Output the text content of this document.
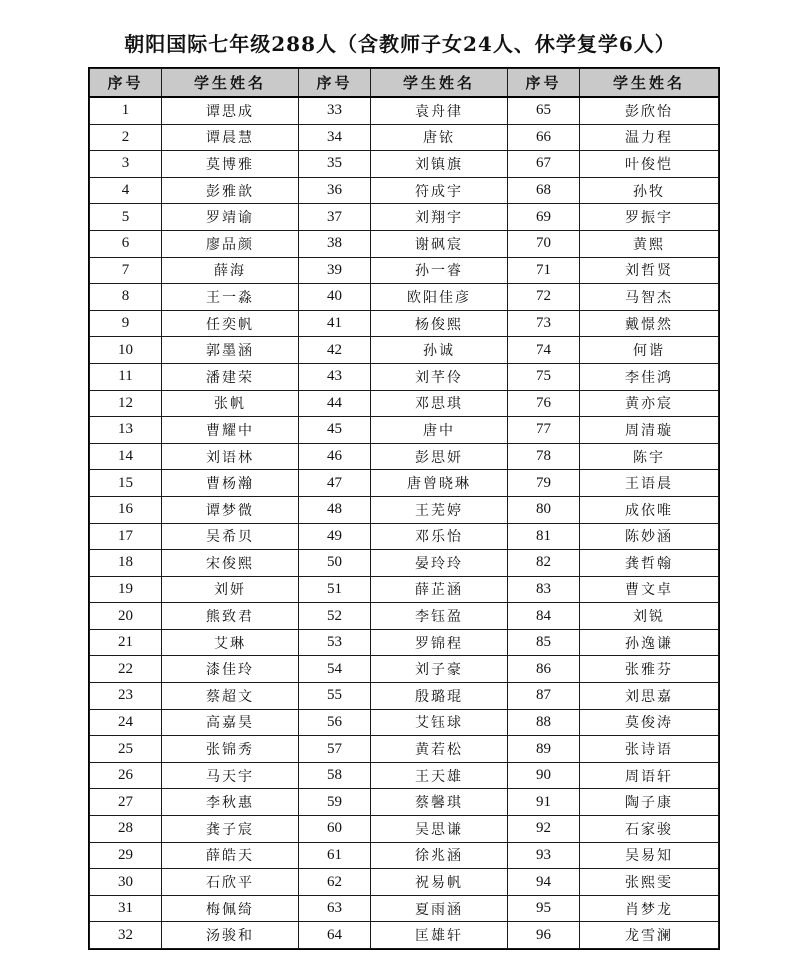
朝阳国际七年级288人（含教师子女24人、休学复学6人）
序号	学生姓名	序号	学生姓名	序号	学生姓名
1	谭思成	33	袁舟律	65	彭欣怡
2	谭晨慧	34	唐铱	66	温力程
3	莫博雅	35	刘镇旗	67	叶俊恺
4	彭雅歆	36	符成宇	68	孙牧
5	罗靖谕	37	刘翔宇	69	罗振宇
6	廖品颜	38	谢砜宸	70	黄熙
7	薛海	39	孙一睿	71	刘哲贤
8	王一淼	40	欧阳佳彦	72	马智杰
9	任奕帆	41	杨俊熙	73	戴憬然
10	郭墨涵	42	孙诚	74	何谐
11	潘建荣	43	刘芊伶	75	李佳鸿
12	张帆	44	邓思琪	76	黄亦宸
13	曹耀中	45	唐中	77	周清璇
14	刘语林	46	彭思妍	78	陈宇
15	曹杨瀚	47	唐曾晓琳	79	王语晨
16	谭梦微	48	王芜婷	80	成依唯
17	吴希贝	49	邓乐怡	81	陈妙涵
18	宋俊熙	50	晏玲玲	82	龚哲翰
19	刘妍	51	薛芷涵	83	曹文卓
20	熊致君	52	李钰盈	84	刘锐
21	艾琳	53	罗锦程	85	孙逸谦
22	漆佳玲	54	刘子豪	86	张雅芬
23	蔡超文	55	殷璐琨	87	刘思嘉
24	高嘉昊	56	艾钰球	88	莫俊涛
25	张锦秀	57	黄若松	89	张诗语
26	马天宇	58	王天雄	90	周语轩
27	李秋惠	59	蔡馨琪	91	陶子康
28	龚子宸	60	吴思谦	92	石家骏
29	薛皓天	61	徐兆涵	93	吴易知
30	石欣平	62	祝易帆	94	张熙雯
31	梅佩绮	63	夏雨涵	95	肖梦龙
32	汤骏和	64	匡雄轩	96	龙雪澜
